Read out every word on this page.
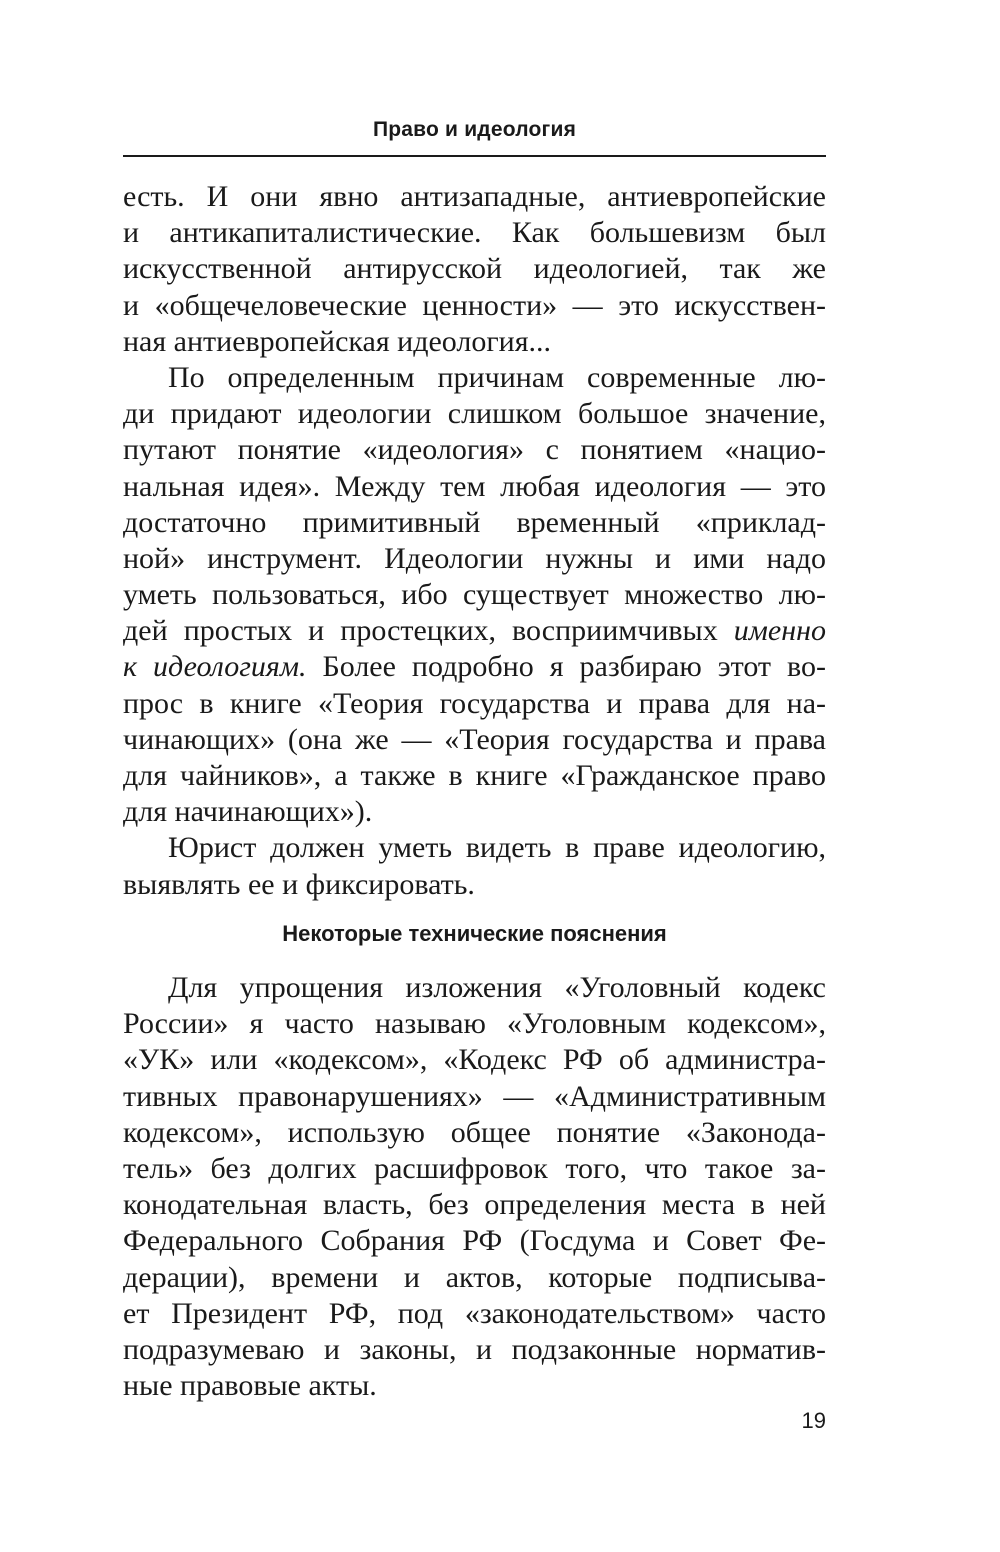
Право и идеология
есть. И они явно антизападные, антиевропейские
и антикапиталистические. Как большевизм был
искусственной антирусской идеологией, так же
и «общечеловеческие ценности» — это искусствен-
ная антиевропейская идеология...
По определенным причинам современные лю-
ди придают идеологии слишком большое значение,
путают понятие «идеология» с понятием «нацио-
нальная идея». Между тем любая идеология — это
достаточно примитивный временный «приклад-
ной» инструмент. Идеологии нужны и ими надо
уметь пользоваться, ибо существует множество лю-
дей простых и простецких, восприимчивых именно
к идеологиям. Более подробно я разбираю этот во-
прос в книге «Теория государства и права для на-
чинающих» (она же — «Теория государства и права
для чайников», а также в книге «Гражданское право
для начинающих»).
Юрист должен уметь видеть в праве идеологию,
выявлять ее и фиксировать.
Некоторые технические пояснения
Для упрощения изложения «Уголовный кодекс
России» я часто называю «Уголовным кодексом»,
«УК» или «кодексом», «Кодекс РФ об администра-
тивных правонарушениях» — «Административным
кодексом», использую общее понятие «Законода-
тель» без долгих расшифровок того, что такое за-
конодательная власть, без определения места в ней
Федерального Собрания РФ (Госдума и Совет Фе-
дерации), времени и актов, которые подписыва-
ет Президент РФ, под «законодательством» часто
подразумеваю и законы, и подзаконные норматив-
ные правовые акты.
19
